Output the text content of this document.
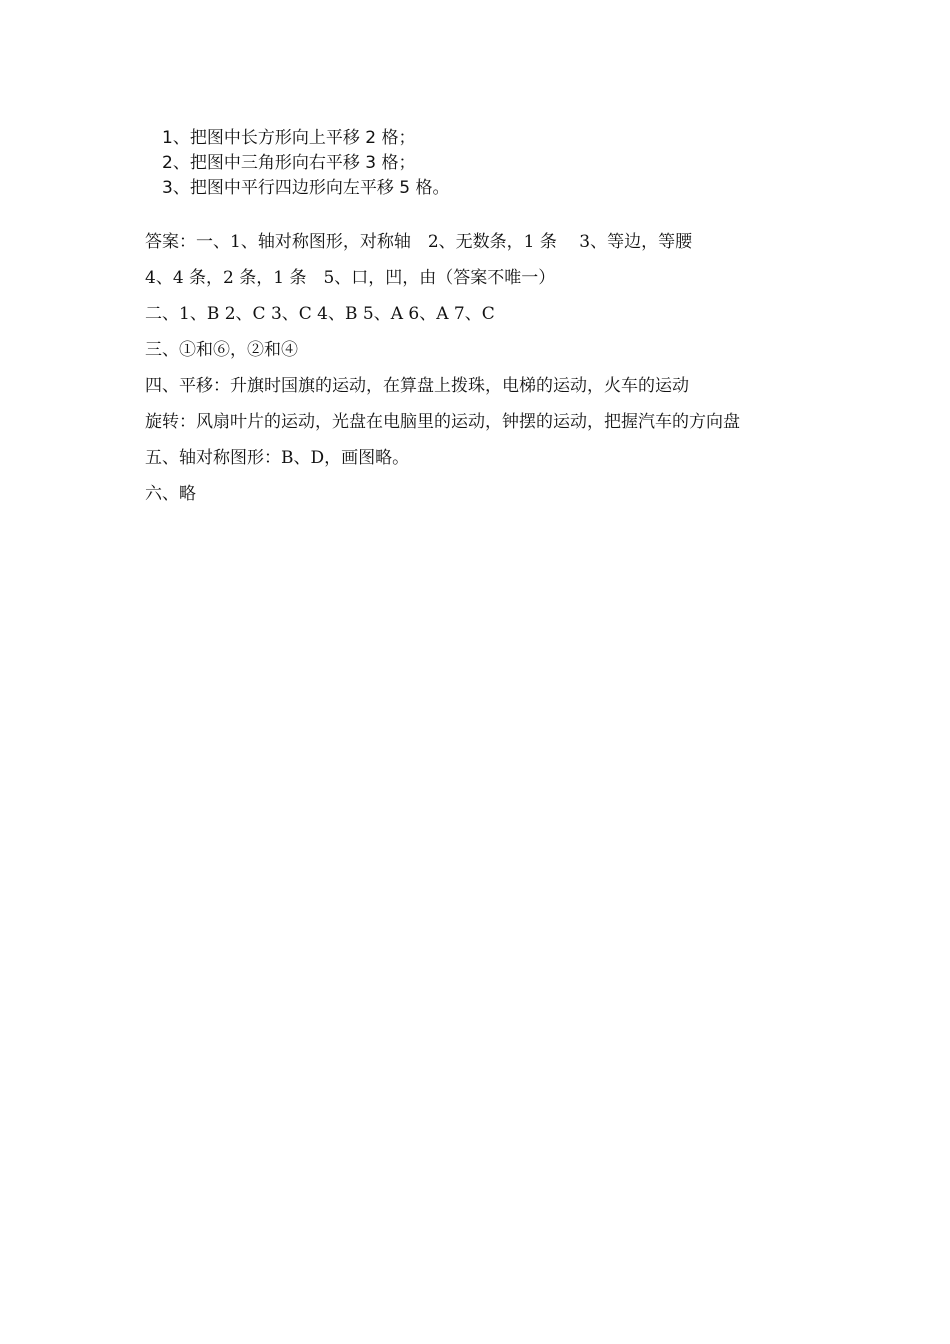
1、把图中长方形向上平移 2 格；
2、把图中三角形向右平移 3 格；
3、把图中平行四边形向左平移 5 格。
答案：一、1、轴对称图形，对称轴　2、无数条，1 条　 3、等边，等腰
4、4 条，2 条，1 条　5、口，凹，由（答案不唯一）
二、1、B 2、C 3、C 4、B 5、A 6、A 7、C
三、①和⑥，②和④
四、平移：升旗时国旗的运动，在算盘上拨珠，电梯的运动，火车的运动
旋转：风扇叶片的运动，光盘在电脑里的运动，钟摆的运动，把握汽车的方向盘
五、轴对称图形：B、D，画图略。
六、略
